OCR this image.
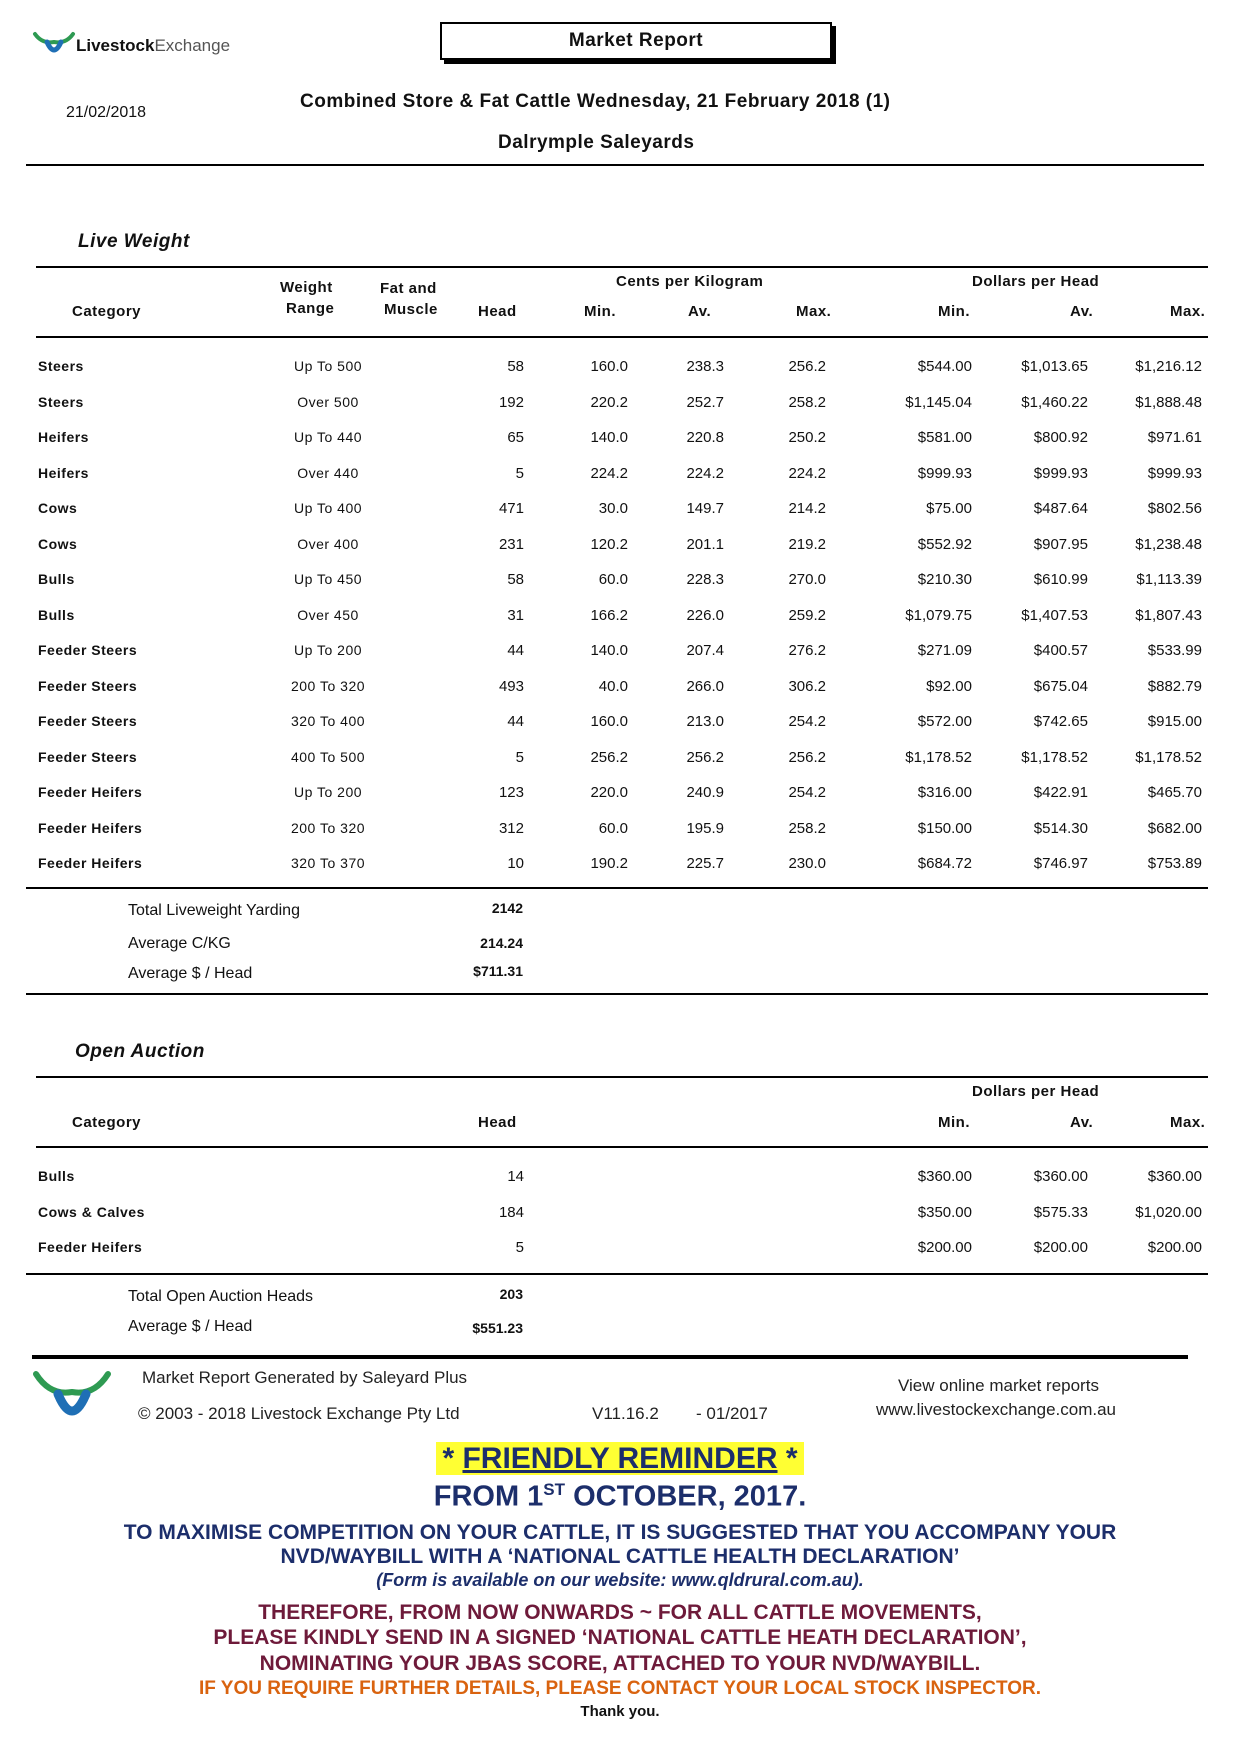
LivestockExchange	Market Report
21/02/2018
Combined Store & Fat Cattle Wednesday, 21 February 2018 (1)
Dalrymple Saleyards
Live Weight
Category
Weight
Range
Fat and
Muscle	Head
Cents per Kilogram	Dollars per Head
Min.	Av.	Max.	Min.	Av.	Max.
Steers	Up To 500	58	160.0	238.3	256.2	$544.00	$1,013.65	$1,216.12
Steers	Over 500	192	220.2	252.7	258.2	$1,145.04	$1,460.22	$1,888.48
Heifers	Up To 440	65	140.0	220.8	250.2	$581.00	$800.92	$971.61
Heifers	Over 440	5	224.2	224.2	224.2	$999.93	$999.93	$999.93
Cows	Up To 400	471	30.0	149.7	214.2	$75.00	$487.64	$802.56
Cows	Over 400	231	120.2	201.1	219.2	$552.92	$907.95	$1,238.48
Bulls	Up To 450	58	60.0	228.3	270.0	$210.30	$610.99	$1,113.39
Bulls	Over 450	31	166.2	226.0	259.2	$1,079.75	$1,407.53	$1,807.43
Feeder Steers	Up To 200	44	140.0	207.4	276.2	$271.09	$400.57	$533.99
Feeder Steers	200 To 320	493	40.0	266.0	306.2	$92.00	$675.04	$882.79
Feeder Steers	320 To 400	44	160.0	213.0	254.2	$572.00	$742.65	$915.00
Feeder Steers	400 To 500	5	256.2	256.2	256.2	$1,178.52	$1,178.52	$1,178.52
Feeder Heifers	Up To 200	123	220.0	240.9	254.2	$316.00	$422.91	$465.70
Feeder Heifers	200 To 320	312	60.0	195.9	258.2	$150.00	$514.30	$682.00
Feeder Heifers	320 To 370	10	190.2	225.7	230.0	$684.72	$746.97	$753.89
Total Liveweight Yarding	2142
Average C/KG	214.24
Average $ / Head	$711.31
Open Auction
Category	Head
Dollars per Head
Min.	Av.	Max.
Bulls	14	$360.00	$360.00	$360.00
Cows & Calves	184	$350.00	$575.33	$1,020.00
Feeder Heifers	5	$200.00	$200.00	$200.00
Total Open Auction Heads	203
Average $ / Head	$551.23
Market Report Generated by Saleyard Plus
© 2003 - 2018 Livestock Exchange Pty Ltd	V11.16.2 - 01/2017
View online market reports
www.livestockexchange.com.au
* FRIENDLY REMINDER *
FROM 1ST OCTOBER, 2017.
TO MAXIMISE COMPETITION ON YOUR CATTLE, IT IS SUGGESTED THAT YOU ACCOMPANY YOUR
NVD/WAYBILL WITH A ‘NATIONAL CATTLE HEALTH DECLARATION’
(Form is available on our website: www.qldrural.com.au).
THEREFORE, FROM NOW ONWARDS ~ FOR ALL CATTLE MOVEMENTS,
PLEASE KINDLY SEND IN A SIGNED ‘NATIONAL CATTLE HEATH DECLARATION’,
NOMINATING YOUR JBAS SCORE, ATTACHED TO YOUR NVD/WAYBILL.
IF YOU REQUIRE FURTHER DETAILS, PLEASE CONTACT YOUR LOCAL STOCK INSPECTOR.
Thank you.
